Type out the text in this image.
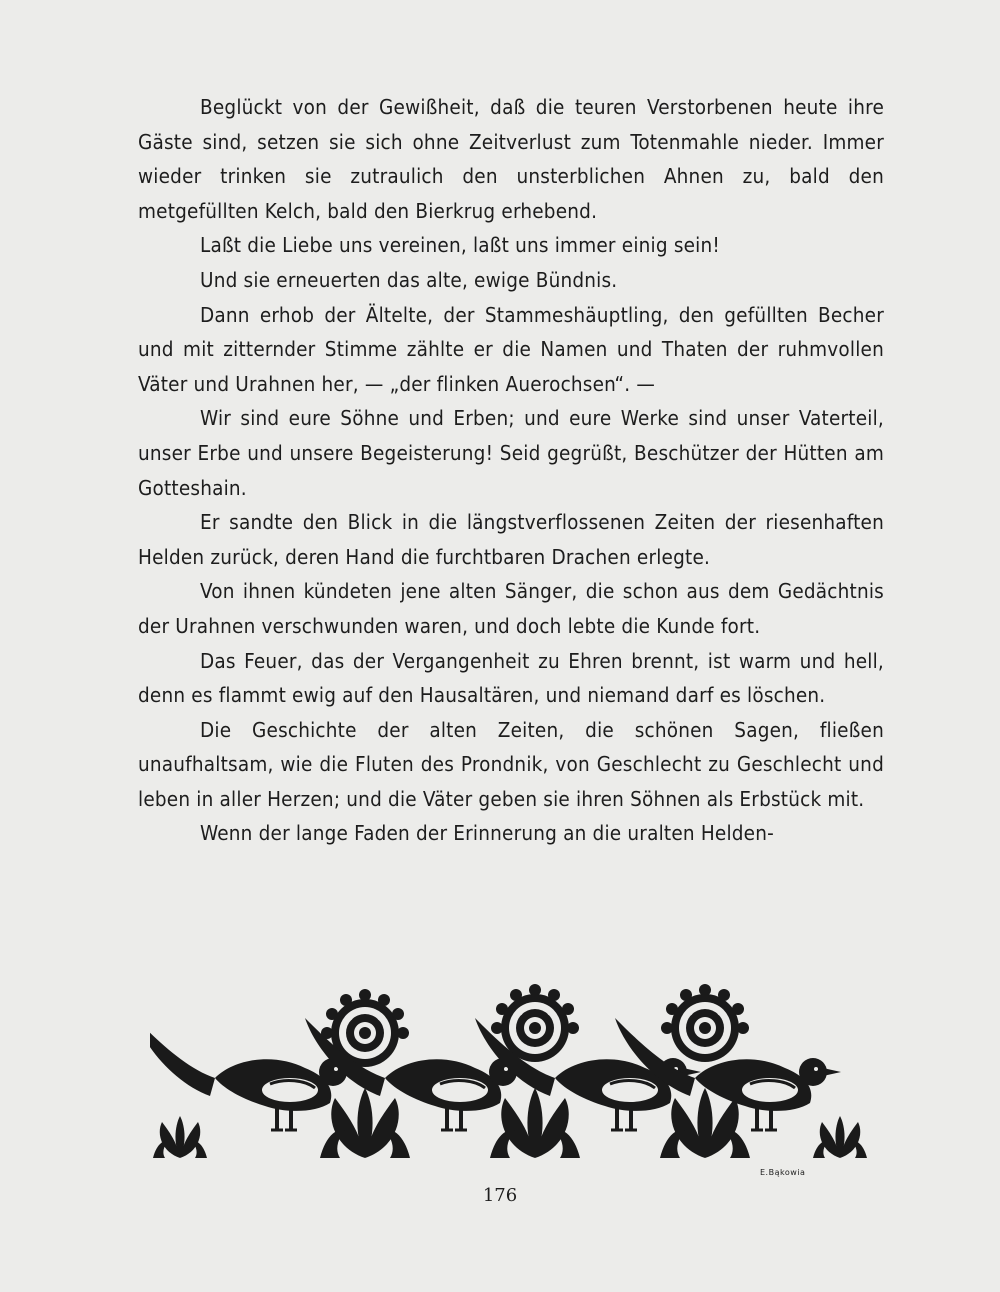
Beglückt von der Gewißheit, daß die teuren Verstorbenen heute ihre Gäste sind, setzen sie sich ohne Zeitverlust zum Totenmahle nieder. Immer wieder trinken sie zutraulich den unsterblichen Ahnen zu, bald den metgefüllten Kelch, bald den Bierkrug erhebend.

Laßt die Liebe uns vereinen, laßt uns immer einig sein!

Und sie erneuerten das alte, ewige Bündnis.

Dann erhob der Ältelte, der Stammeshäuptling, den gefüllten Becher und mit zitternder Stimme zählte er die Namen und Thaten der ruhmvollen Väter und Urahnen her, — „der flinken Auerochsen“. —

Wir sind eure Söhne und Erben; und eure Werke sind unser Vaterteil, unser Erbe und unsere Begeisterung! Seid gegrüßt, Beschützer der Hütten am Gotteshain.

Er sandte den Blick in die längstverflossenen Zeiten der riesenhaften Helden zurück, deren Hand die furchtbaren Drachen erlegte.

Von ihnen kündeten jene alten Sänger, die schon aus dem Gedächtnis der Urahnen verschwunden waren, und doch lebte die Kunde fort.

Das Feuer, das der Vergangenheit zu Ehren brennt, ist warm und hell, denn es flammt ewig auf den Hausaltären, und niemand darf es löschen.

Die Geschichte der alten Zeiten, die schönen Sagen, fließen unaufhaltsam, wie die Fluten des Prondnik, von Geschlecht zu Geschlecht und leben in aller Herzen; und die Väter geben sie ihren Söhnen als Erbstück mit.

Wenn der lange Faden der Erinnerung an die uralten Helden-

E.Bąkowia
176
